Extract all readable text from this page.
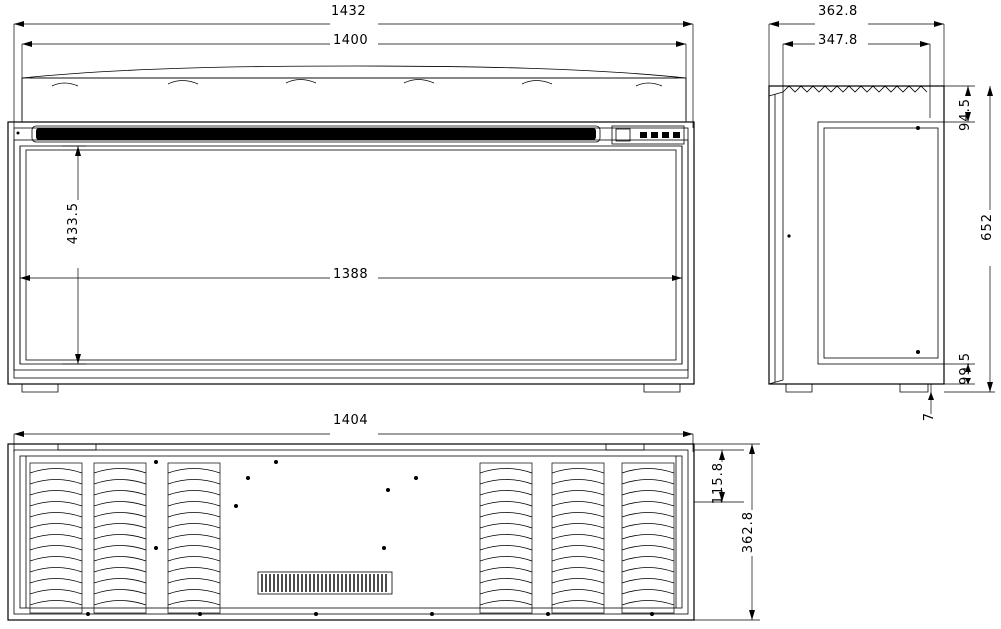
1432
1400
1388
433.5
362.8
347.8
94.5
652
99.5
7
1404
115.8
362.8
